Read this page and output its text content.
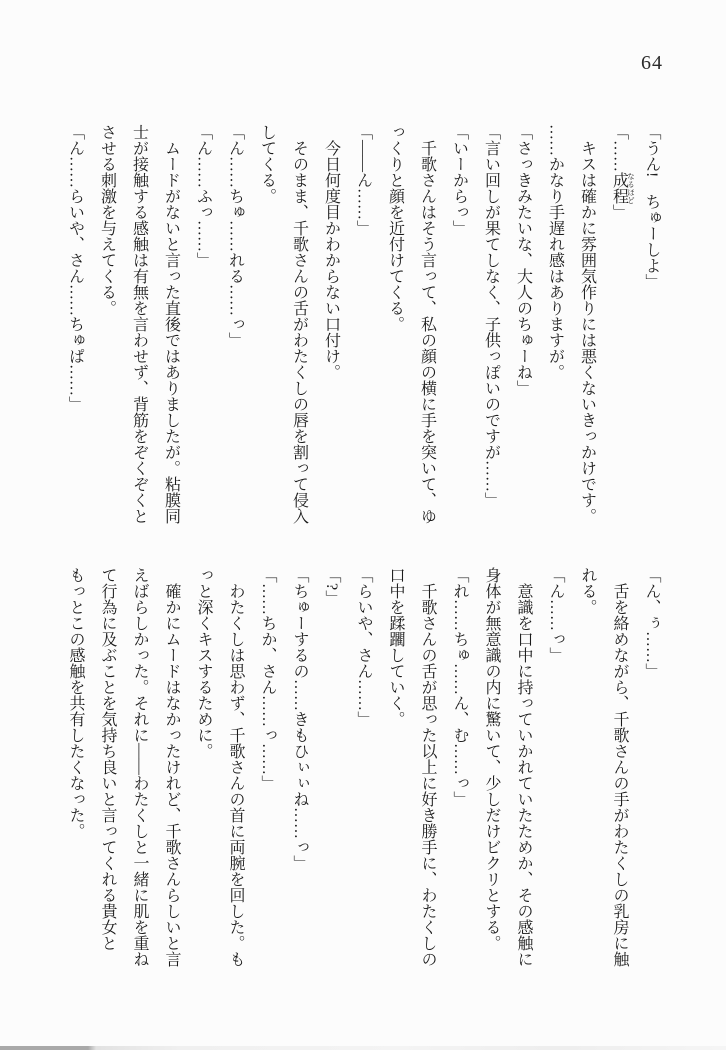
64

「うん!　ちゅーしよ」

「……成程 なるほど」

キスは確かに雰囲気作りには悪くないきっかけです。

……かなり手遅れ感はありますが。

「さっきみたいな、大人のちゅーね」

「言い回しが果てしなく、子供っぽいのですが……」

「いーからっ」

千歌さんはそう言って、私の顔の横に手を突いて、ゆ

っくりと顔を近付けてくる。

「――ん……」

今日何度目かわからない口付け。

そのまま、千歌さんの舌がわたくしの唇を割って侵入

してくる。

「ん……ちゅ……れる……っ」

「ん……ふっ……」

ムードがないと言った直後ではありましたが。粘膜同

士が接触する感触は有無を言わせず、背筋をぞくぞくと

させる刺激を与えてくる。

「ん……らいや、さん……ちゅぱ……」

「ん、ぅ……」

舌を絡めながら、千歌さんの手がわたくしの乳房に触

れる。

「ん……っ」

意識を口中に持っていかれていたためか、その感触に

身体が無意識の内に驚いて、少しだけビクリとする。

「れ……ちゅ……ん、む……っ」

千歌さんの舌が思った以上に好き勝手に、わたくしの

口中を蹂躙していく。

「らいや、さん……」

「?」

「ちゅーするの……きもひぃぃね……っ」

「……ちか、さん……っ……」

わたくしは思わず、千歌さんの首に両腕を回した。も

っと深くキスするために。

確かにムードはなかったけれど、千歌さんらしいと言

えばらしかった。それに――わたくしと一緒に肌を重ね

て行為に及ぶことを気持ち良いと言ってくれる貴女と

もっとこの感触を共有したくなった。
